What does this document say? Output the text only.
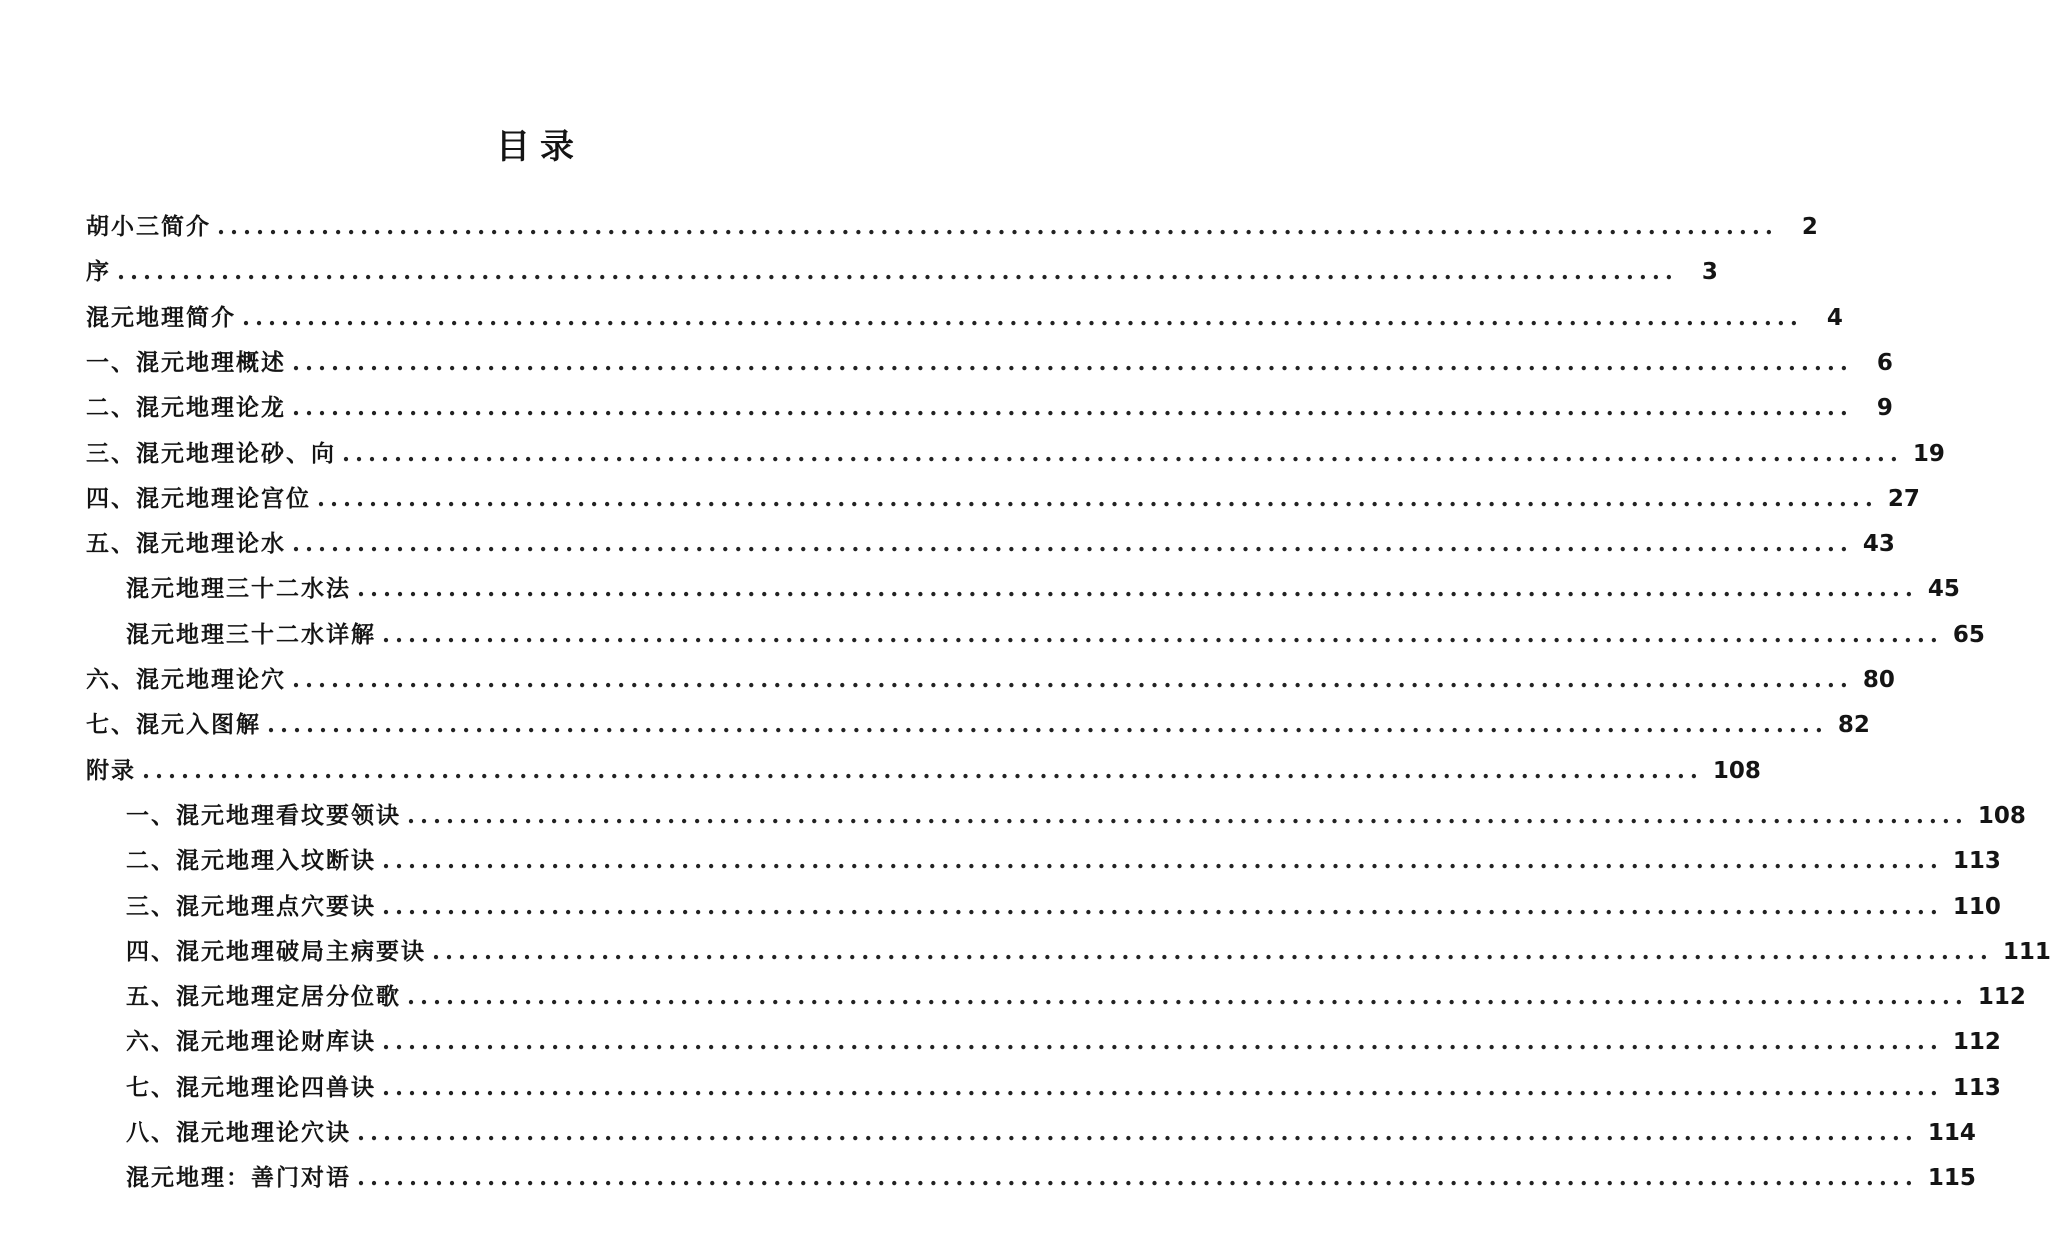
目录
胡小三简介 ........................................................................................................................	2
序 ........................................................................................................................	3
混元地理简介 ........................................................................................................................	4
一、混元地理概述 ........................................................................................................................	6
二、混元地理论龙 ........................................................................................................................	9
三、混元地理论砂、向 ........................................................................................................................ 19
四、混元地理论宫位 ........................................................................................................................ 27
五、混元地理论水 ........................................................................................................................ 43
混元地理三十二水法 ........................................................................................................................ 45
混元地理三十二水详解 ........................................................................................................................ 65
六、混元地理论穴 ........................................................................................................................ 80
七、混元入图解 ........................................................................................................................ 82
附录 ........................................................................................................................ 108
一、混元地理看坟要领诀 ........................................................................................................................ 108
二、混元地理入坟断诀 ........................................................................................................................ 113
三、混元地理点穴要诀 ........................................................................................................................ 110
四、混元地理破局主病要诀 ........................................................................................................................ 111
五、混元地理定居分位歌 ........................................................................................................................ 112
六、混元地理论财库诀 ........................................................................................................................ 112
七、混元地理论四兽诀 ........................................................................................................................ 113
八、混元地理论穴诀 ........................................................................................................................ 114
混元地理：善门对语 ........................................................................................................................ 115
